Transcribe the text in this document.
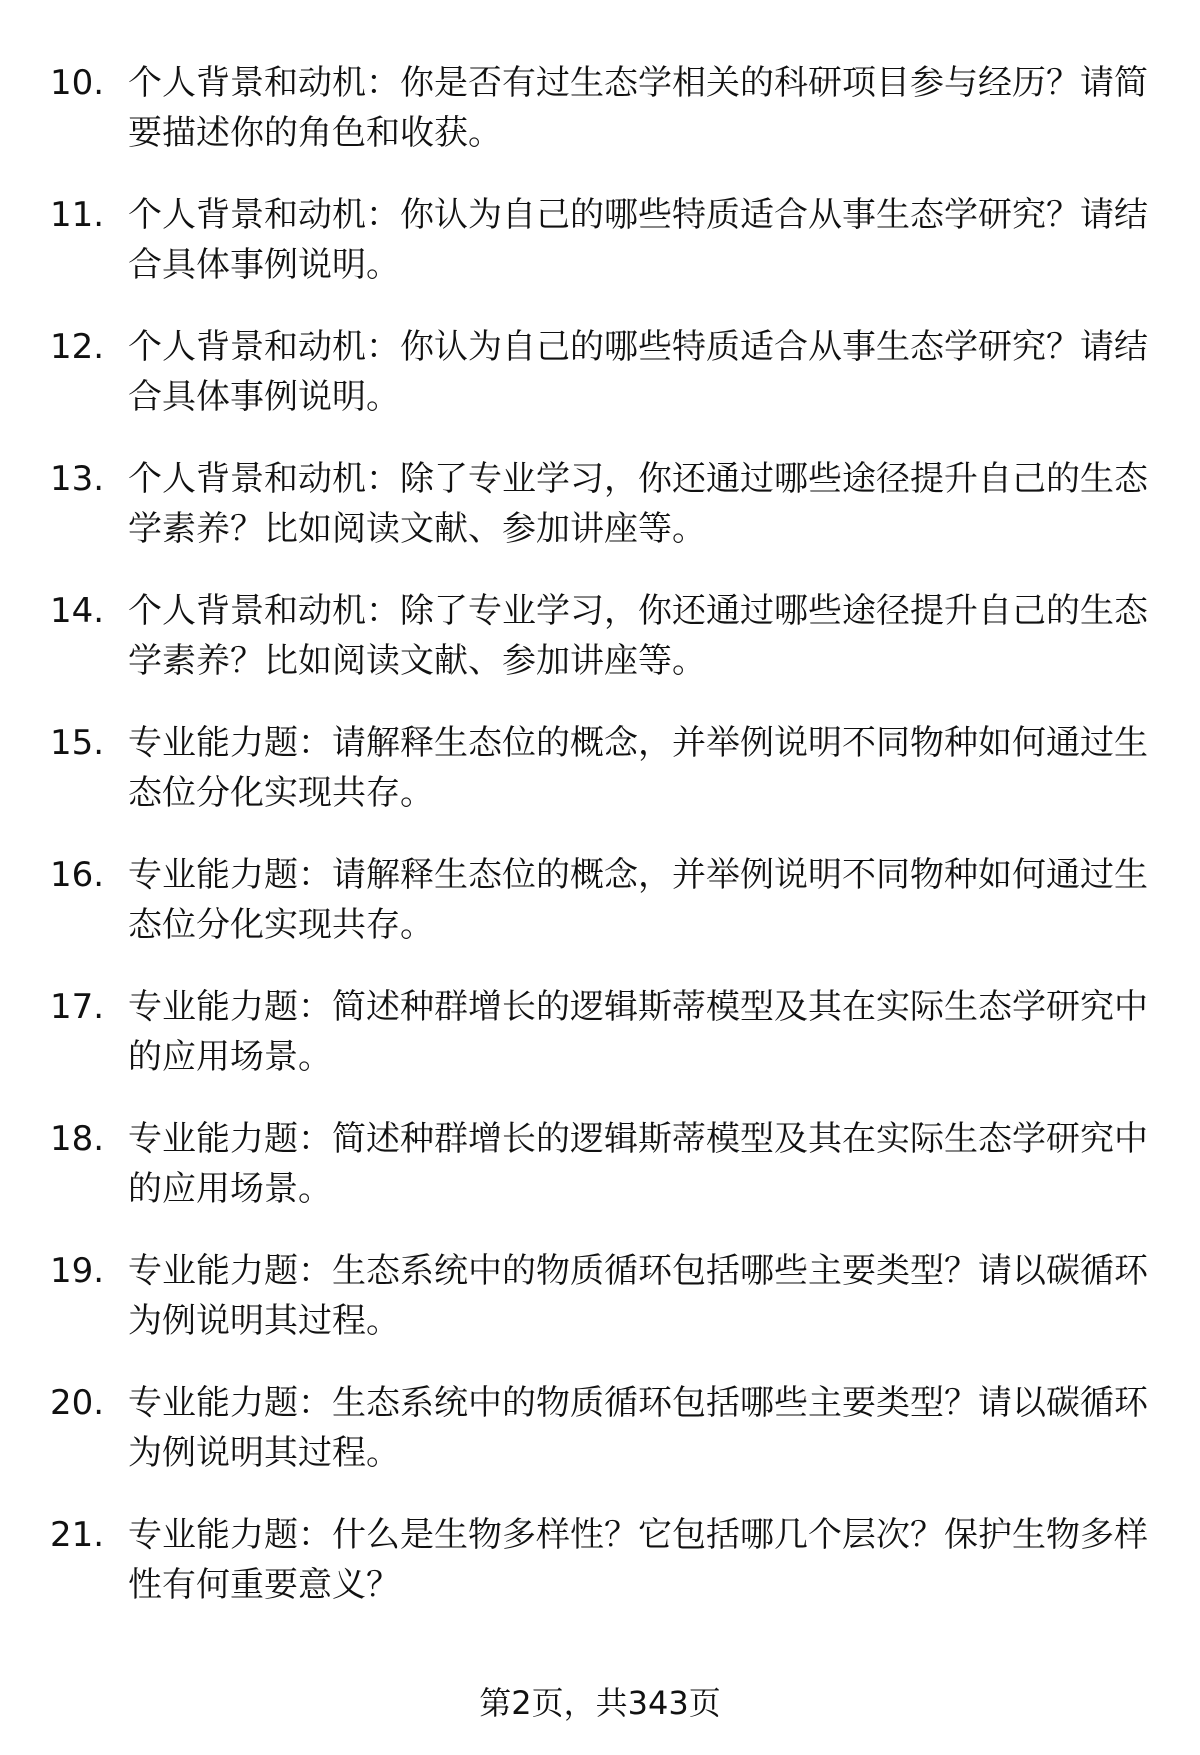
10. 个人背景和动机：你是否有过生态学相关的科研项目参与经历？请简要描述你的角色和收获。
11. 个人背景和动机：你认为自己的哪些特质适合从事生态学研究？请结合具体事例说明。
12. 个人背景和动机：你认为自己的哪些特质适合从事生态学研究？请结合具体事例说明。
13. 个人背景和动机：除了专业学习，你还通过哪些途径提升自己的生态学素养？比如阅读文献、参加讲座等。
14. 个人背景和动机：除了专业学习，你还通过哪些途径提升自己的生态学素养？比如阅读文献、参加讲座等。
15. 专业能力题：请解释生态位的概念，并举例说明不同物种如何通过生态位分化实现共存。
16. 专业能力题：请解释生态位的概念，并举例说明不同物种如何通过生态位分化实现共存。
17. 专业能力题：简述种群增长的逻辑斯蒂模型及其在实际生态学研究中的应用场景。
18. 专业能力题：简述种群增长的逻辑斯蒂模型及其在实际生态学研究中的应用场景。
19. 专业能力题：生态系统中的物质循环包括哪些主要类型？请以碳循环为例说明其过程。
20. 专业能力题：生态系统中的物质循环包括哪些主要类型？请以碳循环为例说明其过程。
21. 专业能力题：什么是生物多样性？它包括哪几个层次？保护生物多样性有何重要意义？
第2页，共343页
